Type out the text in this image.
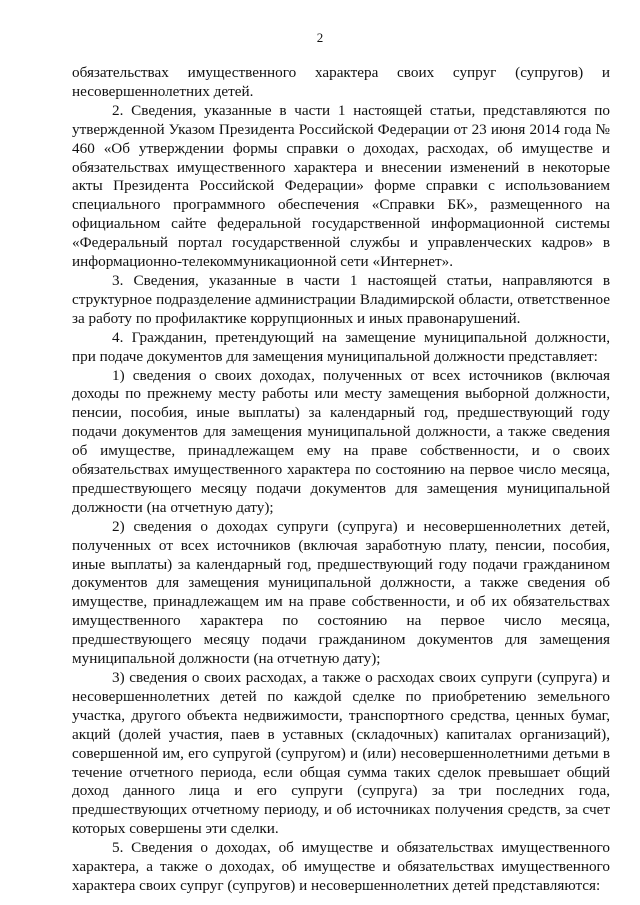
2

обязательствах имущественного характера своих супруг (супругов) и несовершеннолетних детей.

2. Сведения, указанные в части 1 настоящей статьи, представляются по утвержденной Указом Президента Российской Федерации от 23 июня 2014 года № 460 «Об утверждении формы справки о доходах, расходах, об имуществе и обязательствах имущественного характера и внесении изменений в некоторые акты Президента Российской Федерации» форме справки с использованием специального программного обеспечения «Справки БК», размещенного на официальном сайте федеральной государственной информационной системы «Федеральный портал государственной службы и управленческих кадров» в информационно-телекоммуникационной сети «Интернет».

3. Сведения, указанные в части 1 настоящей статьи, направляются в структурное подразделение администрации Владимирской области, ответственное за работу по профилактике коррупционных и иных правонарушений.

4. Гражданин, претендующий на замещение муниципальной должности, при подаче документов для замещения муниципальной должности представляет:

1) сведения о своих доходах, полученных от всех источников (включая доходы по прежнему месту работы или месту замещения выборной должности, пенсии, пособия, иные выплаты) за календарный год, предшествующий году подачи документов для замещения муниципальной должности, а также сведения об имуществе, принадлежащем ему на праве собственности, и о своих обязательствах имущественного характера по состоянию на первое число месяца, предшествующего месяцу подачи документов для замещения муниципальной должности (на отчетную дату);

2) сведения о доходах супруги (супруга) и несовершеннолетних детей, полученных от всех источников (включая заработную плату, пенсии, пособия, иные выплаты) за календарный год, предшествующий году подачи гражданином документов для замещения муниципальной должности, а также сведения об имуществе, принадлежащем им на праве собственности, и об их обязательствах имущественного характера по состоянию на первое число месяца, предшествующего месяцу подачи гражданином документов для замещения муниципальной должности (на отчетную дату);

3) сведения о своих расходах, а также о расходах своих супруги (супруга) и несовершеннолетних детей по каждой сделке по приобретению земельного участка, другого объекта недвижимости, транспортного средства, ценных бумаг, акций (долей участия, паев в уставных (складочных) капиталах организаций), совершенной им, его супругой (супругом) и (или) несовершеннолетними детьми в течение отчетного периода, если общая сумма таких сделок превышает общий доход данного лица и его супруги (супруга) за три последних года, предшествующих отчетному периоду, и об источниках получения средств, за счет которых совершены эти сделки.

5. Сведения о доходах, об имуществе и обязательствах имущественного характера, а также о доходах, об имуществе и обязательствах имущественного характера своих супруг (супругов) и несовершеннолетних детей представляются:
